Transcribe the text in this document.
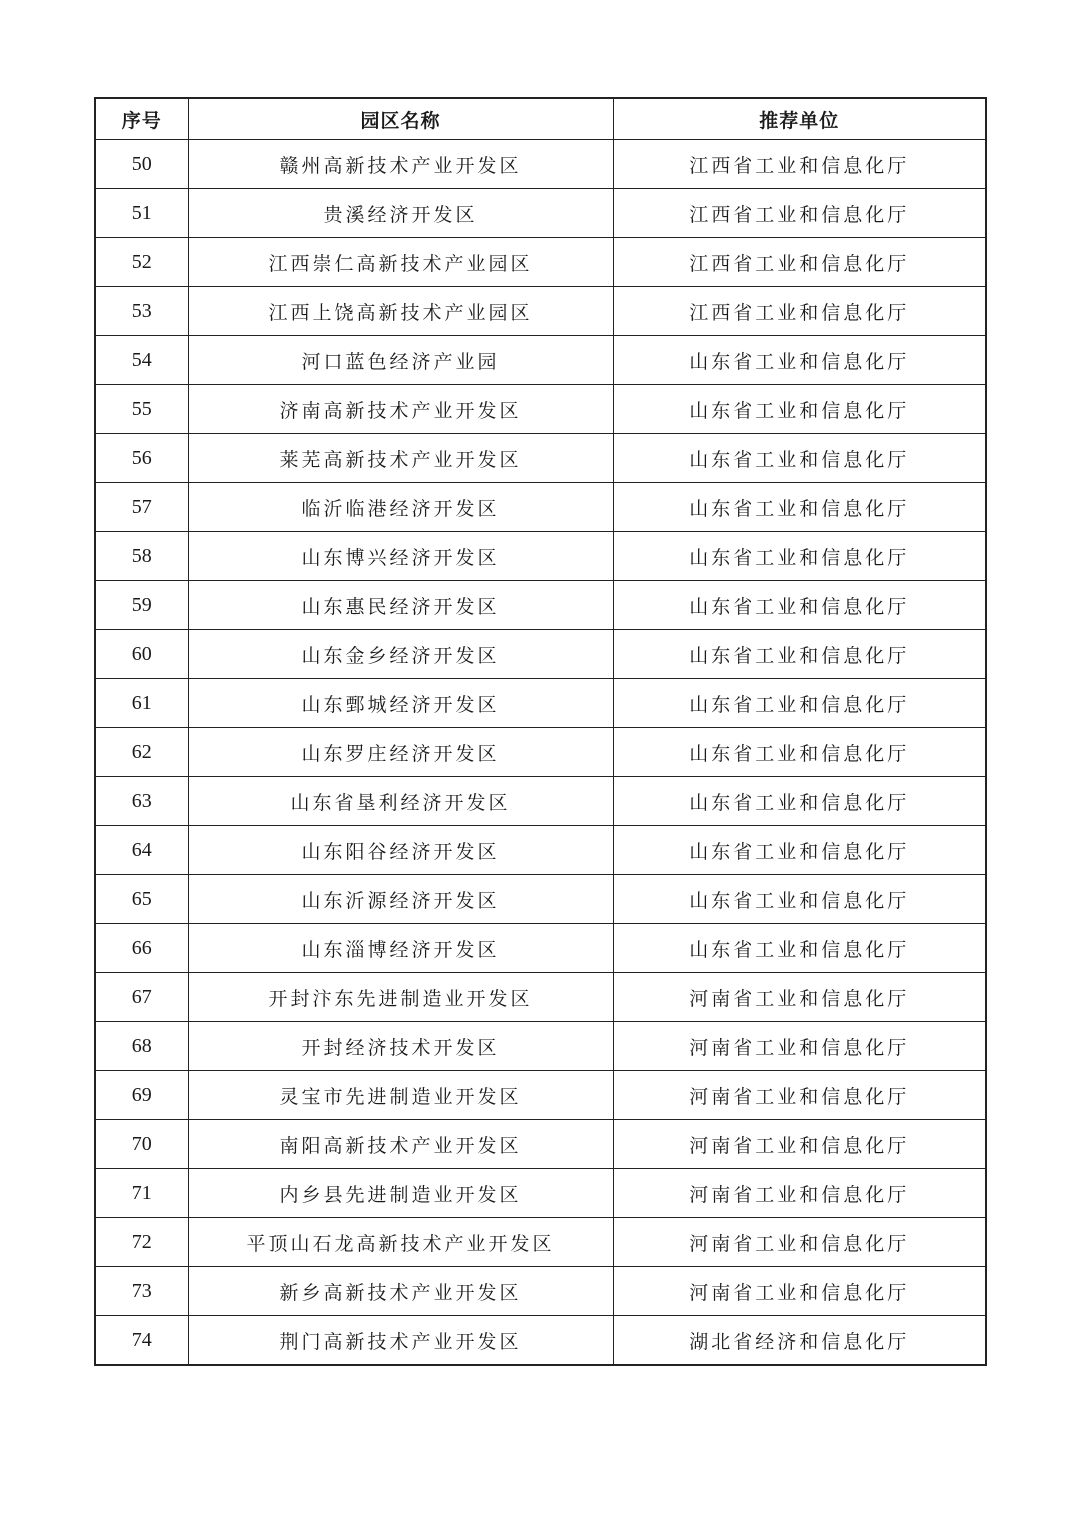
序号	园区名称	推荐单位
50	赣州高新技术产业开发区	江西省工业和信息化厅
51	贵溪经济开发区	江西省工业和信息化厅
52	江西崇仁高新技术产业园区	江西省工业和信息化厅
53	江西上饶高新技术产业园区	江西省工业和信息化厅
54	河口蓝色经济产业园	山东省工业和信息化厅
55	济南高新技术产业开发区	山东省工业和信息化厅
56	莱芜高新技术产业开发区	山东省工业和信息化厅
57	临沂临港经济开发区	山东省工业和信息化厅
58	山东博兴经济开发区	山东省工业和信息化厅
59	山东惠民经济开发区	山东省工业和信息化厅
60	山东金乡经济开发区	山东省工业和信息化厅
61	山东鄄城经济开发区	山东省工业和信息化厅
62	山东罗庄经济开发区	山东省工业和信息化厅
63	山东省垦利经济开发区	山东省工业和信息化厅
64	山东阳谷经济开发区	山东省工业和信息化厅
65	山东沂源经济开发区	山东省工业和信息化厅
66	山东淄博经济开发区	山东省工业和信息化厅
67	开封汴东先进制造业开发区	河南省工业和信息化厅
68	开封经济技术开发区	河南省工业和信息化厅
69	灵宝市先进制造业开发区	河南省工业和信息化厅
70	南阳高新技术产业开发区	河南省工业和信息化厅
71	内乡县先进制造业开发区	河南省工业和信息化厅
72	平顶山石龙高新技术产业开发区	河南省工业和信息化厅
73	新乡高新技术产业开发区	河南省工业和信息化厅
74	荆门高新技术产业开发区	湖北省经济和信息化厅
